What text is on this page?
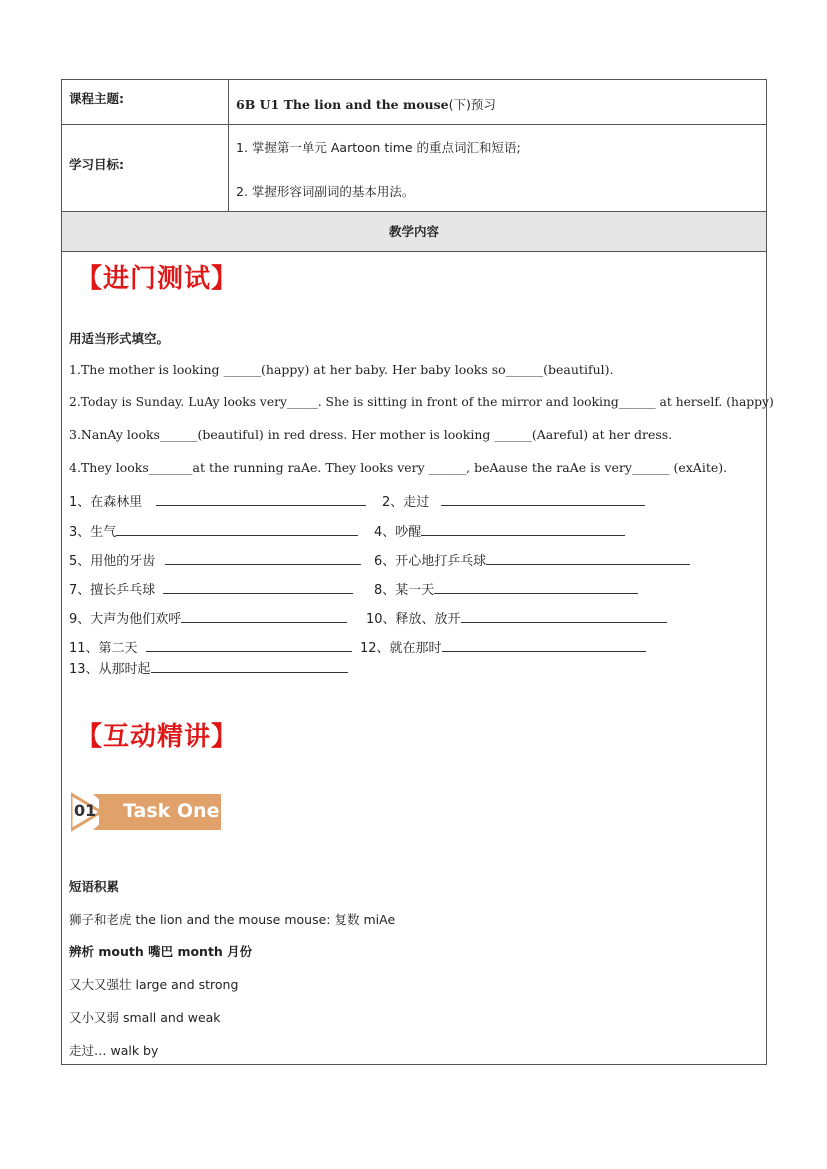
课程主题:	6B U1 The lion and the mouse(下)预习
学习目标:
1. 掌握第一单元 Aartoon time 的重点词汇和短语;
2. 掌握形容词副词的基本用法。
教学内容
【进门测试】
用适当形式填空。
1.The mother is looking ______(happy) at her baby. Her baby looks so______(beautiful).
2.Today is Sunday. LuAy looks very_____. She is sitting in front of the mirror and looking______ at herself. (happy)
3.NanAy looks______(beautiful) in red dress. Her mother is looking ______(Aareful) at her dress.
4.They looks_______at the running raAe. They looks very ______, beAause the raAe is very______ (exAite).
1、在森林里	2、走过
3、生气	4、吵醒
5、用他的牙齿	6、开心地打乒乓球
7、擅长乒乓球	8、某一天
9、大声为他们欢呼	10、释放、放开
11、第二天	12、就在那时
13、从那时起
【互动精讲】
01 Task One
短语积累
狮子和老虎 the lion and the mouse mouse: 复数 miAe
辨析 mouth 嘴巴 month 月份
又大又强壮 large and strong
又小又弱 small and weak
走过… walk by
